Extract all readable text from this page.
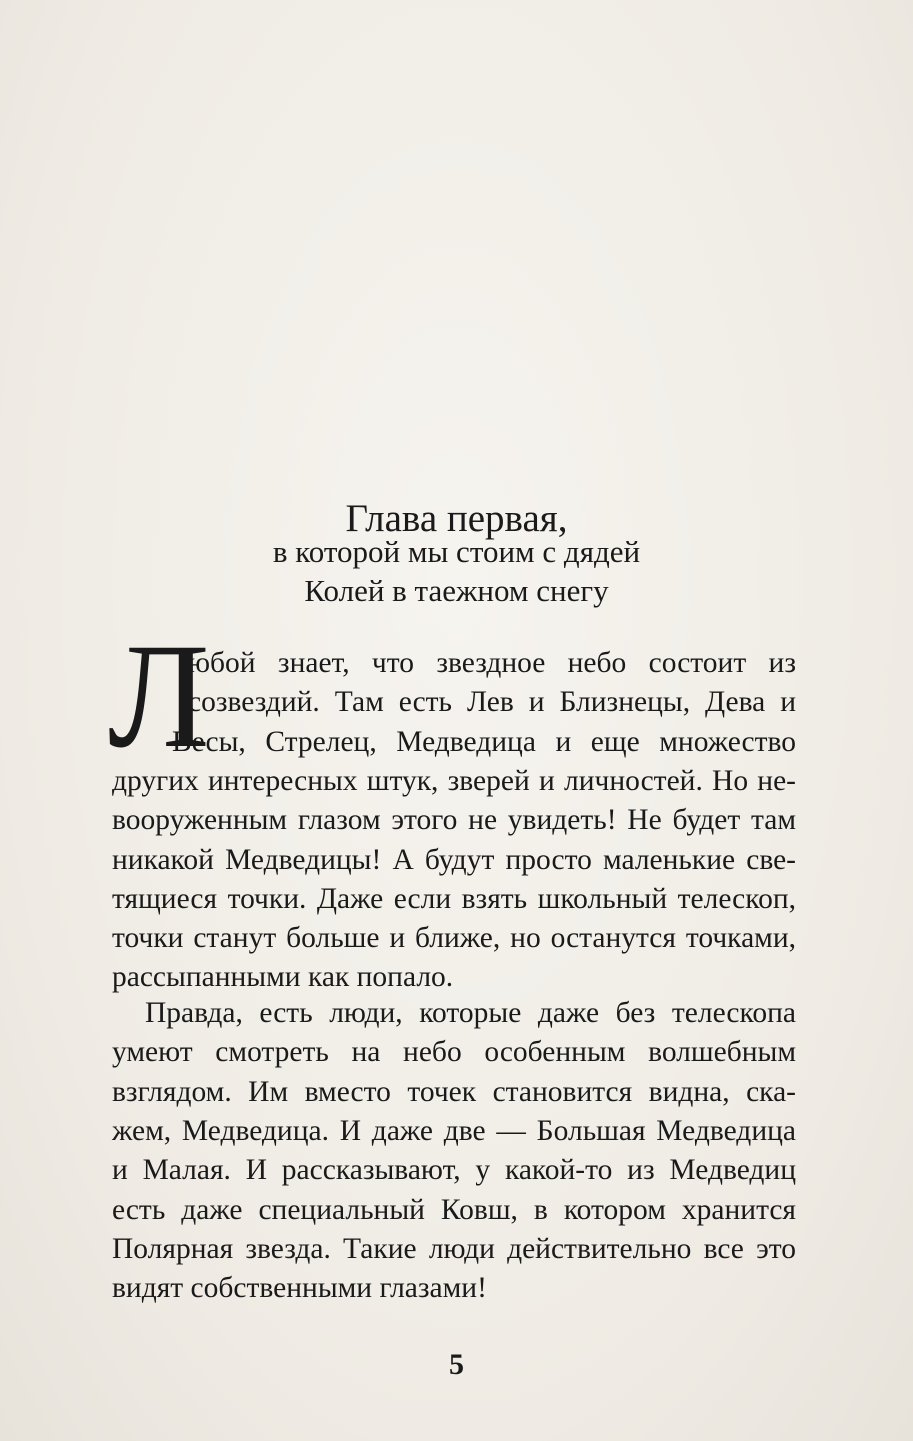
Глава первая,
в которой мы стоим с дядей
Колей в таежном снегу
Л
юбой знает, что звездное небо состоит из
созвездий. Там есть Лев и Близнецы, Дева и
Весы, Стрелец, Медведица и еще множество
других интересных штук, зверей и личностей. Но не-
вооруженным глазом этого не увидеть! Не будет там
никакой Медведицы! А будут просто маленькие све-
тящиеся точки. Даже если взять школьный телескоп,
точки станут больше и ближе, но останутся точками,
рассыпанными как попало.
Правда, есть люди, которые даже без телескопа
умеют смотреть на небо особенным волшебным
взглядом. Им вместо точек становится видна, ска-
жем, Медведица. И даже две — Большая Медведица
и Малая. И рассказывают, у какой-то из Медведиц
есть даже специальный Ковш, в котором хранится
Полярная звезда. Такие люди действительно все это
видят собственными глазами!
5
